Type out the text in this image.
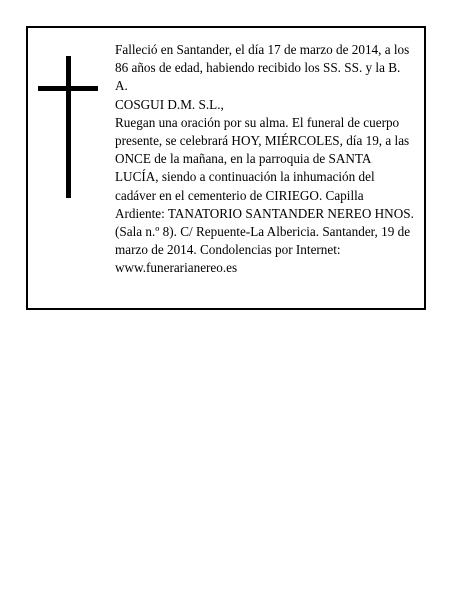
Falleció en Santander, el día 17 de marzo de 2014, a los 86 años de edad, habiendo recibido los SS. SS. y la B. A.

COSGUI D.M. S.L.,

Ruegan una oración por su alma. El funeral de cuerpo presente, se celebrará HOY, MIÉRCOLES, día 19, a las ONCE de la mañana, en la parroquia de SANTA LUCÍA, siendo a continuación la inhumación del cadáver en el cementerio de CIRIEGO. Capilla Ardiente: TANATORIO SANTANDER NEREO HNOS. (Sala n.º 8). C/ Repuente-La Albericia. Santander, 19 de marzo de 2014. Condolencias por Internet: www.funerarianereo.es
